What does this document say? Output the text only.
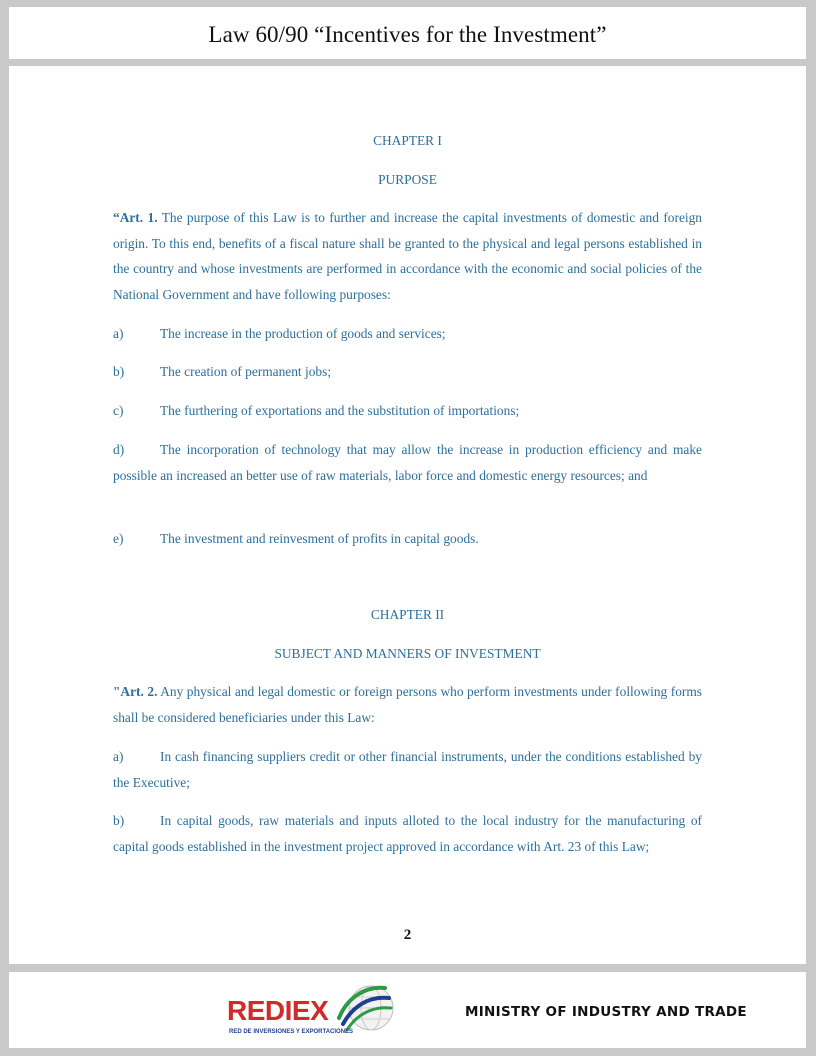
Law 60/90 “Incentives for the Investment”

CHAPTER I

PURPOSE

“Art. 1. The purpose of this Law is to further and increase the capital investments of domestic and foreign origin. To this end, benefits of a fiscal nature shall be granted to the physical and legal persons established in the country and whose investments are performed in accordance with the economic and social policies of the National Government and have following purposes:

a)	The increase in the production of goods and services;

b)	The creation of permanent jobs;

c)	The furthering of exportations and the substitution of importations;

d)	The incorporation of technology that may allow the increase in production efficiency and make possible an increased an better use of raw materials, labor force and domestic energy resources; and

e)	The investment and reinvesment of profits in capital goods.

CHAPTER II

SUBJECT AND MANNERS OF INVESTMENT

"Art. 2. Any physical and legal domestic or foreign persons who perform investments under following forms shall be considered beneficiaries under this Law:

a)	In cash financing suppliers credit or other financial instruments, under the conditions established by the Executive;

b)	In capital goods, raw materials and inputs alloted to the local industry for the manufacturing of capital goods established in the investment project approved in accordance with Art. 23 of this Law;

2
REDIEX
RED DE INVERSIONES Y EXPORTACIONES
MINISTRY OF INDUSTRY AND TRADE
